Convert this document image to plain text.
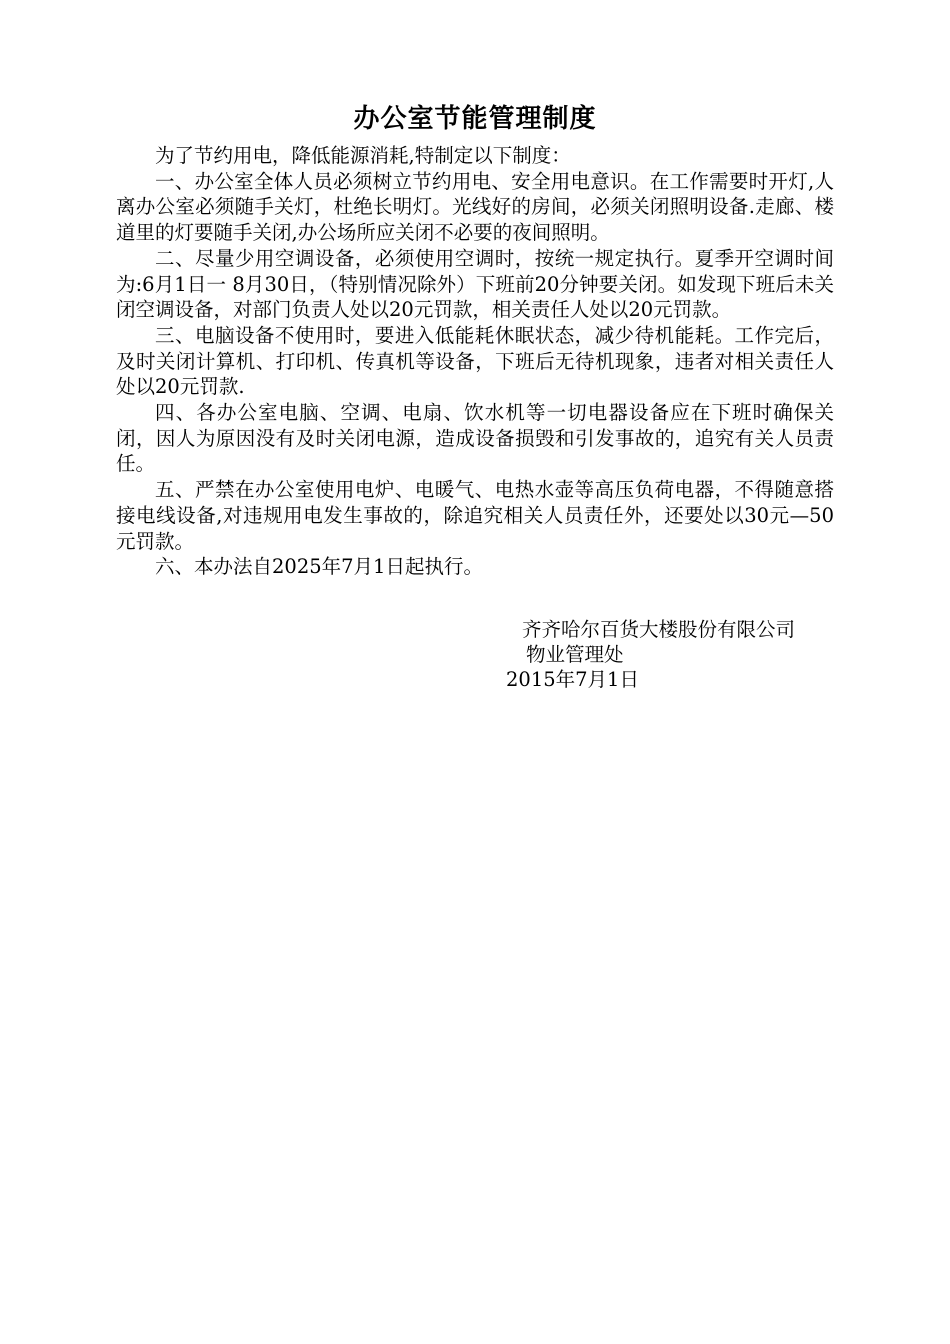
办公室节能管理制度

为了节约用电，降低能源消耗,特制定以下制度：

一、办公室全体人员必须树立节约用电、安全用电意识。在工作需要时开灯,人离办公室必须随手关灯，杜绝长明灯。光线好的房间，必须关闭照明设备.走廊、楼道里的灯要随手关闭,办公场所应关闭不必要的夜间照明。

二、尽量少用空调设备，必须使用空调时，按统一规定执行。夏季开空调时间为:6月1日一 8月30日，（特别情况除外）下班前20分钟要关闭。如发现下班后未关闭空调设备，对部门负责人处以20元罚款，相关责任人处以20元罚款。

三、电脑设备不使用时，要进入低能耗休眠状态，减少待机能耗。工作完后，及时关闭计算机、打印机、传真机等设备，下班后无待机现象，违者对相关责任人处以20元罚款.

四、各办公室电脑、空调、电扇、饮水机等一切电器设备应在下班时确保关闭，因人为原因没有及时关闭电源，造成设备损毁和引发事故的，追究有关人员责任。

五、严禁在办公室使用电炉、电暖气、电热水壶等高压负荷电器，不得随意搭接电线设备,对违规用电发生事故的，除追究相关人员责任外，还要处以30元—50元罚款。

六、本办法自2025年7月1日起执行。

齐齐哈尔百货大楼股份有限公司
物业管理处
2015年7月1日
